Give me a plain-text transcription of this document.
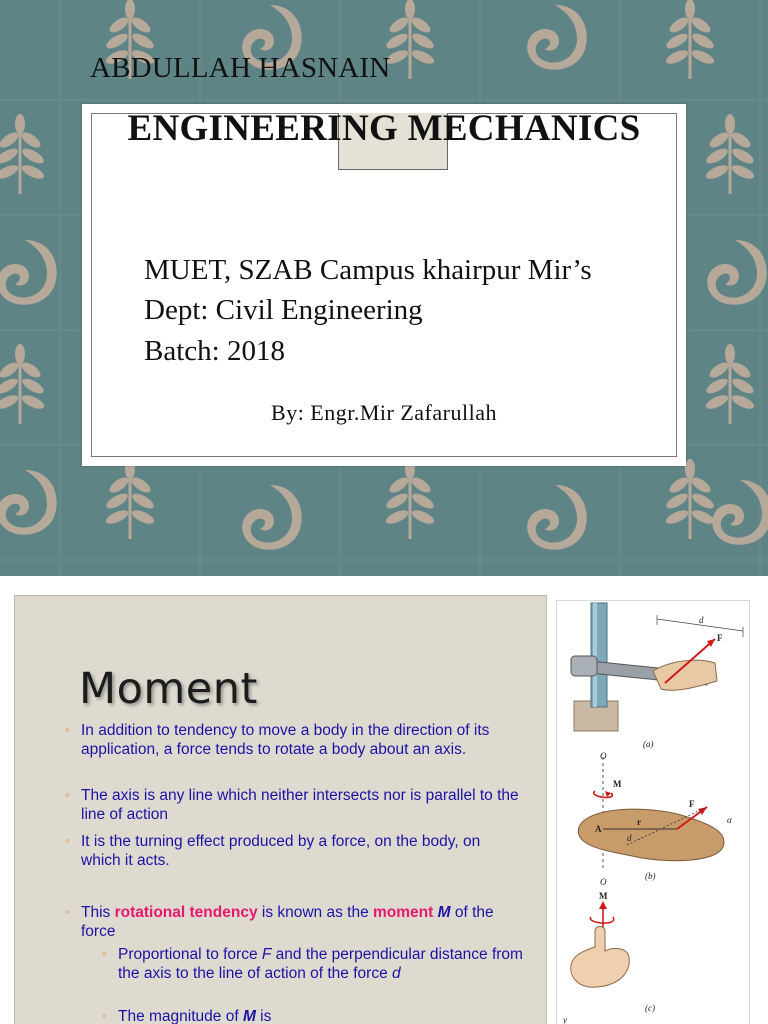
ABDULLAH HASNAIN
ENGINEERING MECHANICS
MUET, SZAB Campus khairpur Mir’s
Dept: Civil Engineering
Batch: 2018
By: Engr.Mir Zafarullah
Moment
◦ In addition to tendency to move a body in the direction of its application, a force tends to rotate a body about an axis.
◦ The axis is any line which neither intersects nor is parallel to the line of action
◦ It is the turning effect produced by a force, on the body, on which it acts.
◦ This rotational tendency is known as the moment M of the force
◦ Proportional to force F and the perpendicular distance from the axis to the line of action of the force d
◦ The magnitude of M is
d
F
(a)
O
M
A
r
F
d
α
(b)
O
M
(c)
y
